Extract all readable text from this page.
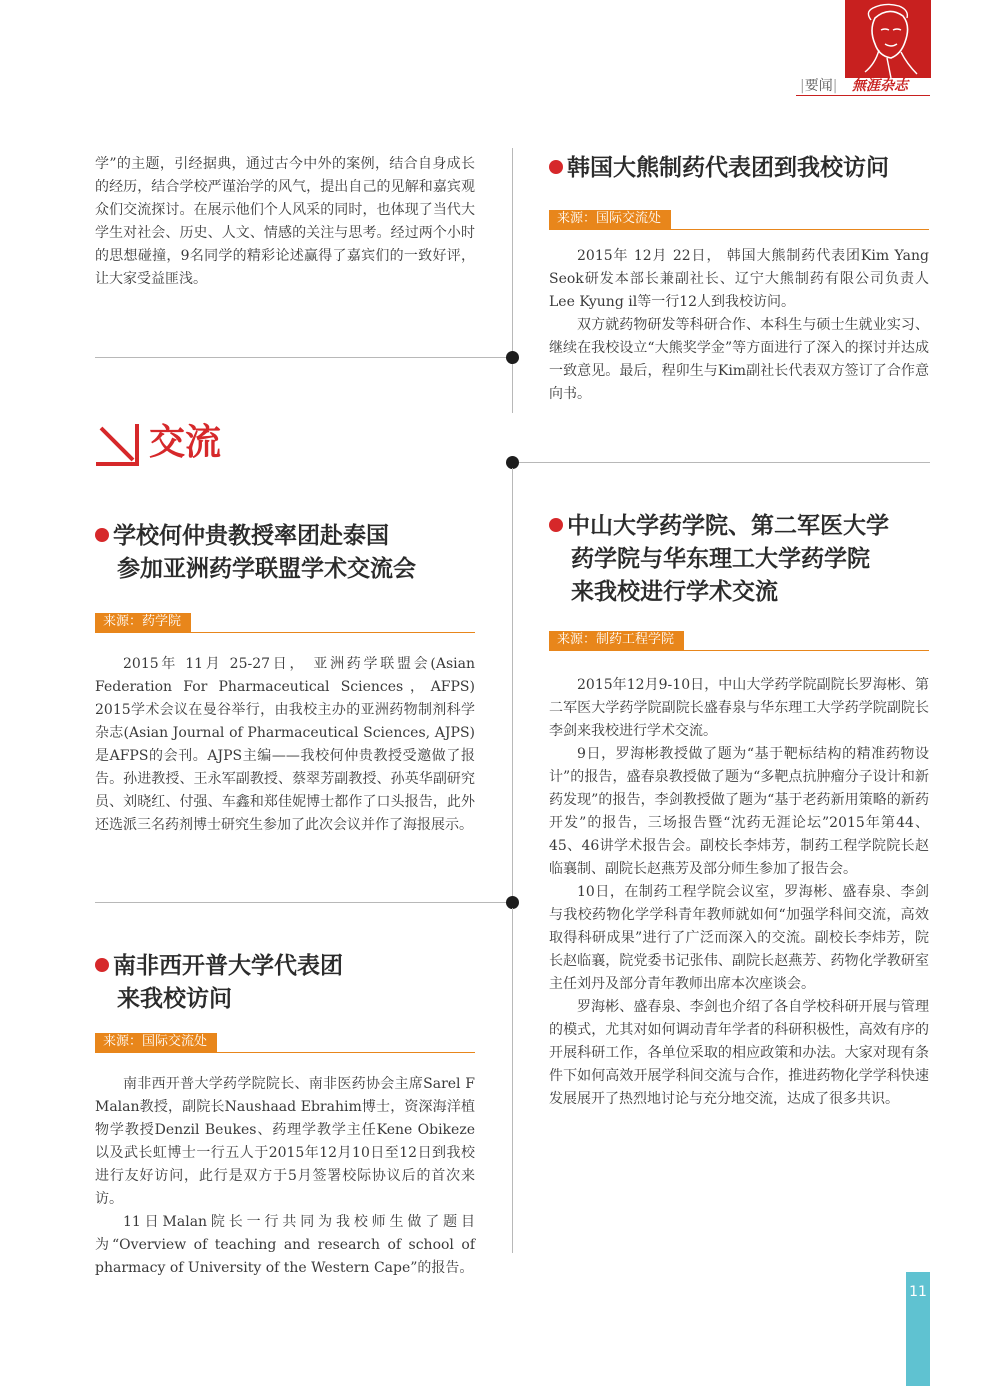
|要闻| 無涯杂志

学”的主题，引经据典，通过古今中外的案例，结合自身成长的经历，结合学校严谨治学的风气，提出自己的见解和嘉宾观众们交流探讨。在展示他们个人风采的同时，也体现了当代大学生对社会、历史、人文、情感的关注与思考。经过两个小时的思想碰撞，9名同学的精彩论述赢得了嘉宾们的一致好评，让大家受益匪浅。

交流
韩国大熊制药代表团到我校访问
来源：国际交流处

2015年 12月 22日， 韩国大熊制药代表团Kim Yang Seok研发本部长兼副社长、辽宁大熊制药有限公司负责人Lee Kyung il等一行12人到我校访问。

双方就药物研发等科研合作、本科生与硕士生就业实习、继续在我校设立“大熊奖学金”等方面进行了深入的探讨并达成一致意见。最后，程卯生与Kim副社长代表双方签订了合作意向书。

学校何仲贵教授率团赴泰国
参加亚洲药学联盟学术交流会
来源：药学院

2015年 11月 25-27日， 亚洲药学联盟会(Asian Federation For Pharmaceutical Sciences，AFPS) 2015学术会议在曼谷举行，由我校主办的亚洲药物制剂科学杂志(Asian Journal of Pharmaceutical Sciences, AJPS)是AFPS的会刊。AJPS主编——我校何仲贵教授受邀做了报告。孙进教授、王永军副教授、蔡翠芳副教授、孙英华副研究员、刘晓红、付强、车鑫和郑佳妮博士都作了口头报告，此外还选派三名药剂博士研究生参加了此次会议并作了海报展示。

中山大学药学院、第二军医大学
药学院与华东理工大学药学院
来我校进行学术交流
来源：制药工程学院

2015年12月9-10日，中山大学药学院副院长罗海彬、第二军医大学药学院副院长盛春泉与华东理工大学药学院副院长李剑来我校进行学术交流。

9日，罗海彬教授做了题为“基于靶标结构的精准药物设计”的报告，盛春泉教授做了题为“多靶点抗肿瘤分子设计和新药发现”的报告，李剑教授做了题为“基于老药新用策略的新药开发”的报告，三场报告暨“沈药无涯论坛”2015年第44、45、46讲学术报告会。副校长李炜芳，制药工程学院院长赵临襄制、副院长赵燕芳及部分师生参加了报告会。

10日，在制药工程学院会议室，罗海彬、盛春泉、李剑与我校药物化学学科青年教师就如何“加强学科间交流，高效取得科研成果”进行了广泛而深入的交流。副校长李炜芳，院长赵临襄，院党委书记张伟、副院长赵燕芳、药物化学教研室主任刘丹及部分青年教师出席本次座谈会。

罗海彬、盛春泉、李剑也介绍了各自学校科研开展与管理的模式，尤其对如何调动青年学者的科研积极性，高效有序的开展科研工作，各单位采取的相应政策和办法。大家对现有条件下如何高效开展学科间交流与合作，推进药物化学学科快速发展展开了热烈地讨论与充分地交流，达成了很多共识。

南非西开普大学代表团
来我校访问
来源：国际交流处

南非西开普大学药学院院长、南非医药协会主席Sarel F Malan教授，副院长Naushaad Ebrahim博士，资深海洋植物学教授Denzil Beukes、药理学教学主任Kene Obikeze以及武长虹博士一行五人于2015年12月10日至12日到我校进行友好访问，此行是双方于5月签署校际协议后的首次来访。

11日Malan院长一行共同为我校师生做了题目为“Overview of teaching and research of school of pharmacy of University of the Western Cape”的报告。

11
